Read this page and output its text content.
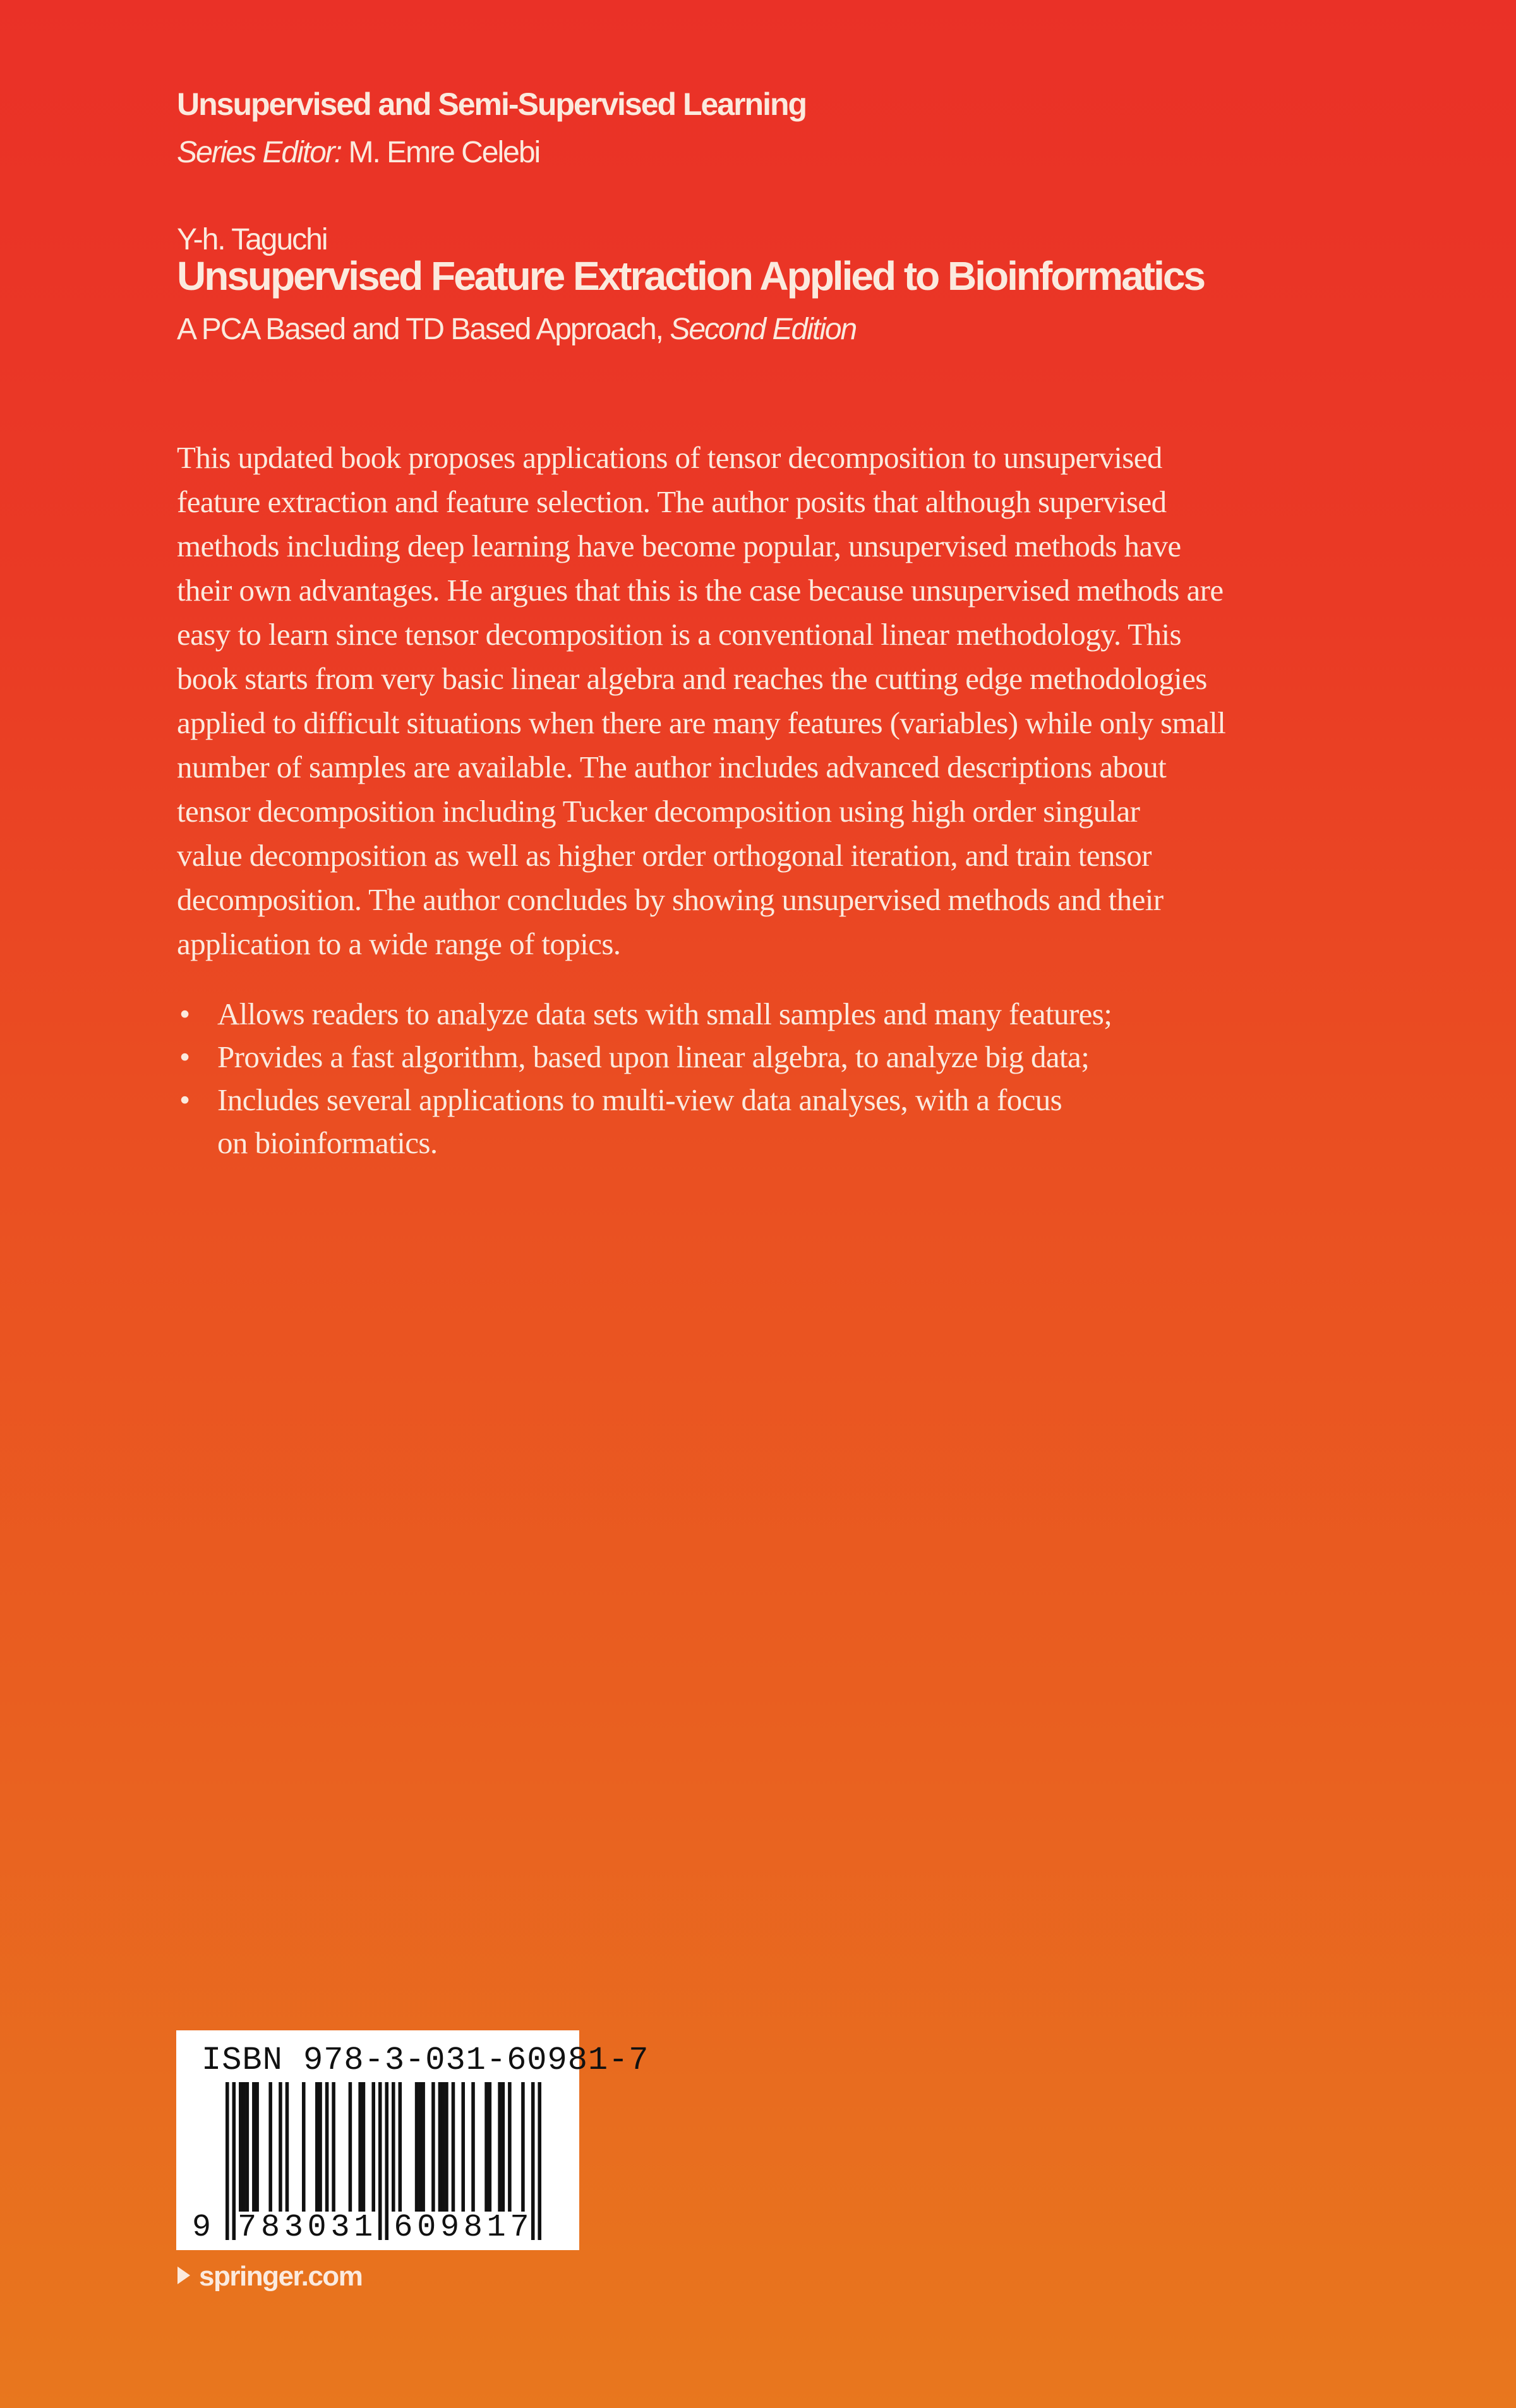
Unsupervised and Semi-Supervised Learning
Series Editor: M. Emre Celebi
Y-h. Taguchi
Unsupervised Feature Extraction Applied to Bioinformatics
A PCA Based and TD Based Approach, Second Edition
This updated book proposes applications of tensor decomposition to unsupervised
feature extraction and feature selection. The author posits that although supervised
methods including deep learning have become popular, unsupervised methods have
their own advantages. He argues that this is the case because unsupervised methods are
easy to learn since tensor decomposition is a conventional linear methodology. This
book starts from very basic linear algebra and reaches the cutting edge methodologies
applied to difficult situations when there are many features (variables) while only small
number of samples are available. The author includes advanced descriptions about
tensor decomposition including Tucker decomposition using high order singular
value decomposition as well as higher order orthogonal iteration, and train tensor
decomposition. The author concludes by showing unsupervised methods and their
application to a wide range of topics.
• Allows readers to analyze data sets with small samples and many features;
• Provides a fast algorithm, based upon linear algebra, to analyze big data;
• Includes several applications to multi-view data analyses, with a focus
on bioinformatics.
ISBN 978-3-031-60981-7
9 7 8 3 0 3 1 6 0 9 8 1 7
springer.com
